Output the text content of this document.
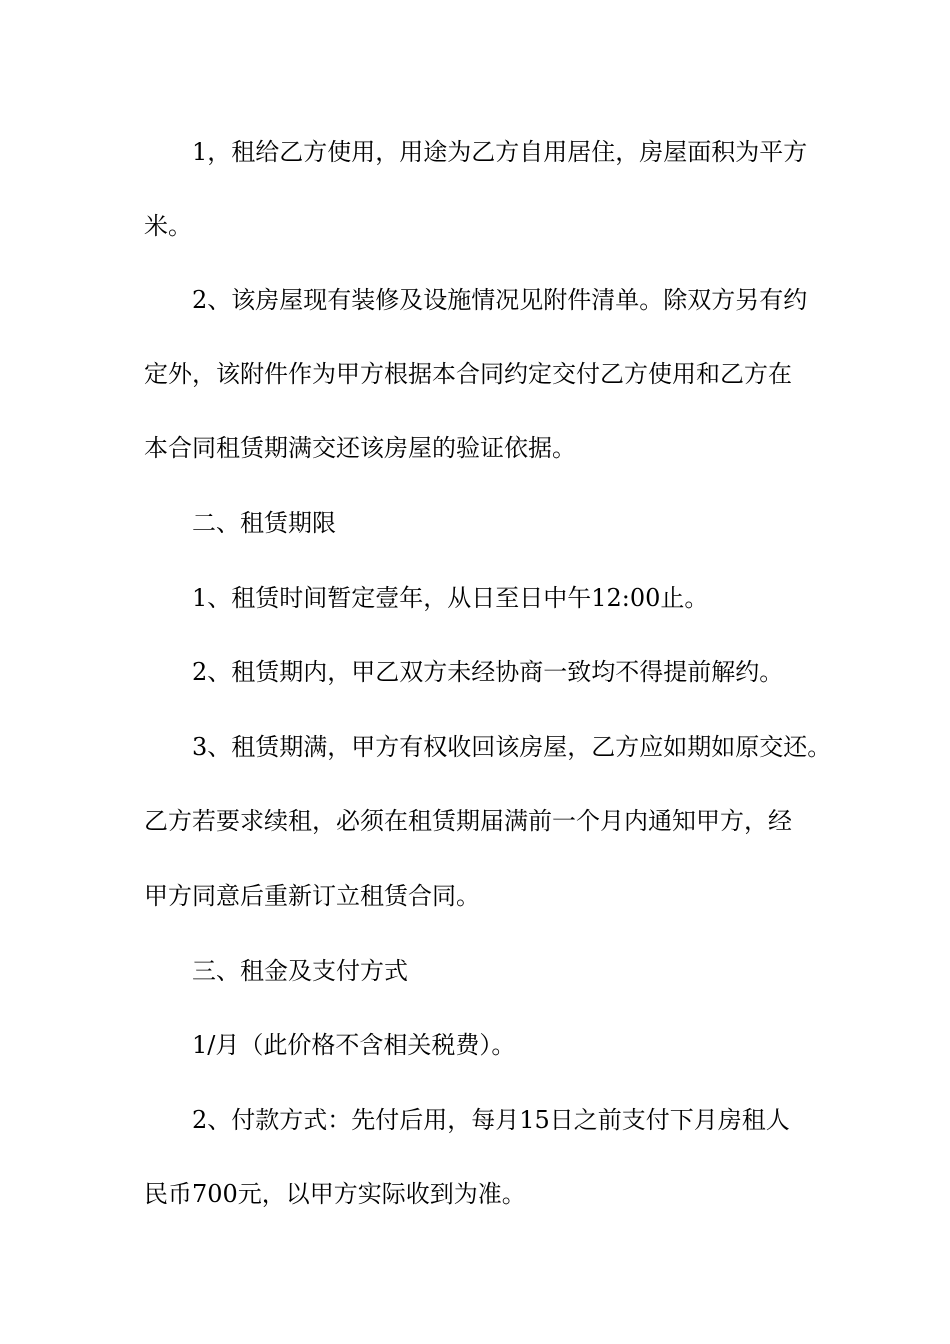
1，租给乙方使用，用途为乙方自用居住，房屋面积为平方
米。
2、该房屋现有装修及设施情况见附件清单。除双方另有约
定外，该附件作为甲方根据本合同约定交付乙方使用和乙方在
本合同租赁期满交还该房屋的验证依据。
二、租赁期限
1、租赁时间暂定壹年，从日至日中午12:00止。
2、租赁期内，甲乙双方未经协商一致均不得提前解约。
3、租赁期满，甲方有权收回该房屋，乙方应如期如原交还。
乙方若要求续租，必须在租赁期届满前一个月内通知甲方，经
甲方同意后重新订立租赁合同。
三、租金及支付方式
1/月（此价格不含相关税费）。
2、付款方式：先付后用，每月15日之前支付下月房租人
民币700元，以甲方实际收到为准。
